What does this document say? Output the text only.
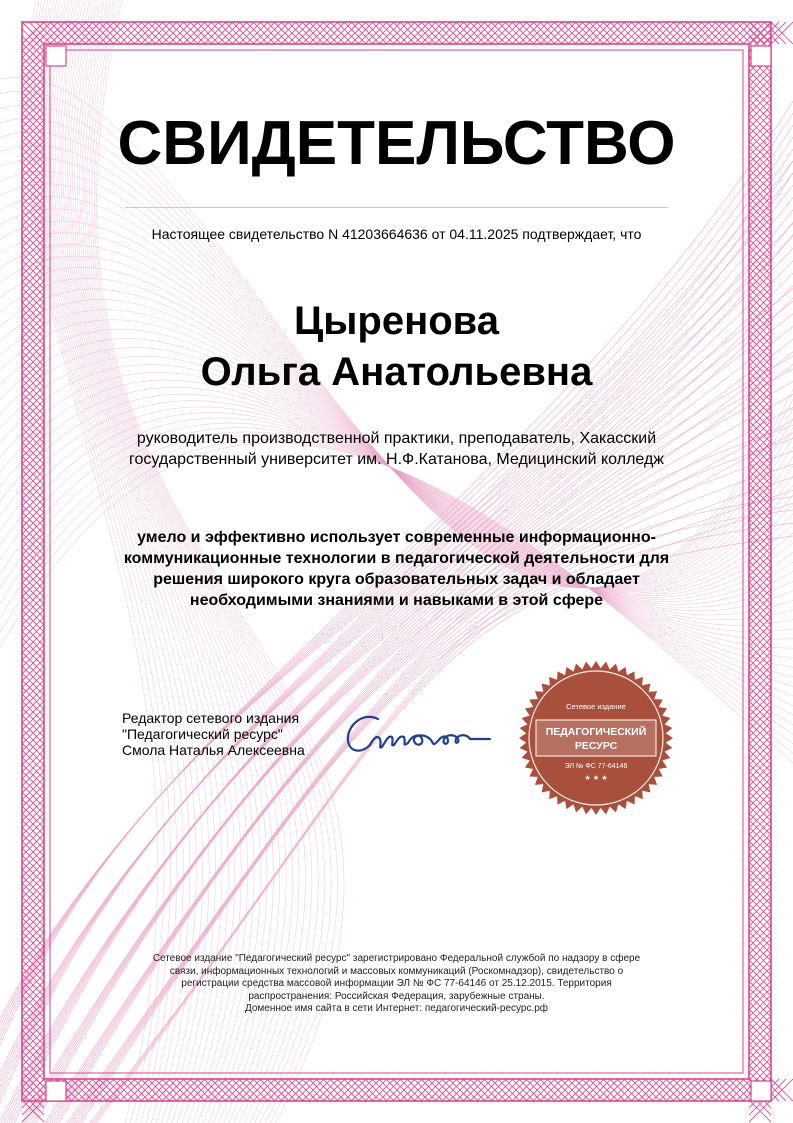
СВИДЕТЕЛЬСТВО
Настоящее свидетельство N 41203664636 от 04.11.2025 подтверждает, что
Цыренова
Ольга Анатольевна
руководитель производственной практики, преподаватель, Хакасский государственный университет им. Н.Ф.Катанова, Медицинский колледж
умело и эффективно использует современные информационно-коммуникационные технологии в педагогической деятельности для решения широкого круга образовательных задач и обладает необходимыми знаниями и навыками в этой сфере
Редактор сетевого издания
"Педагогический ресурс"
Смола Наталья Алексеевна
Сетевое издание
ПЕДАГОГИЧЕСКИЙ
РЕСУРС
ЭЛ № ФС 77-64146
★ ★ ★
Сетевое издание "Педагогический ресурс" зарегистрировано Федеральной службой по надзору в сфере
связи, информационных технологий и массовых коммуникаций (Роскомнадзор), свидетельство о
регистрации средства массовой информации ЭЛ № ФС 77-64146 от 25.12.2015. Территория
распространения: Российская Федерация, зарубежные страны.
Доменное имя сайта в сети Интернет: педагогический-ресурс.рф
